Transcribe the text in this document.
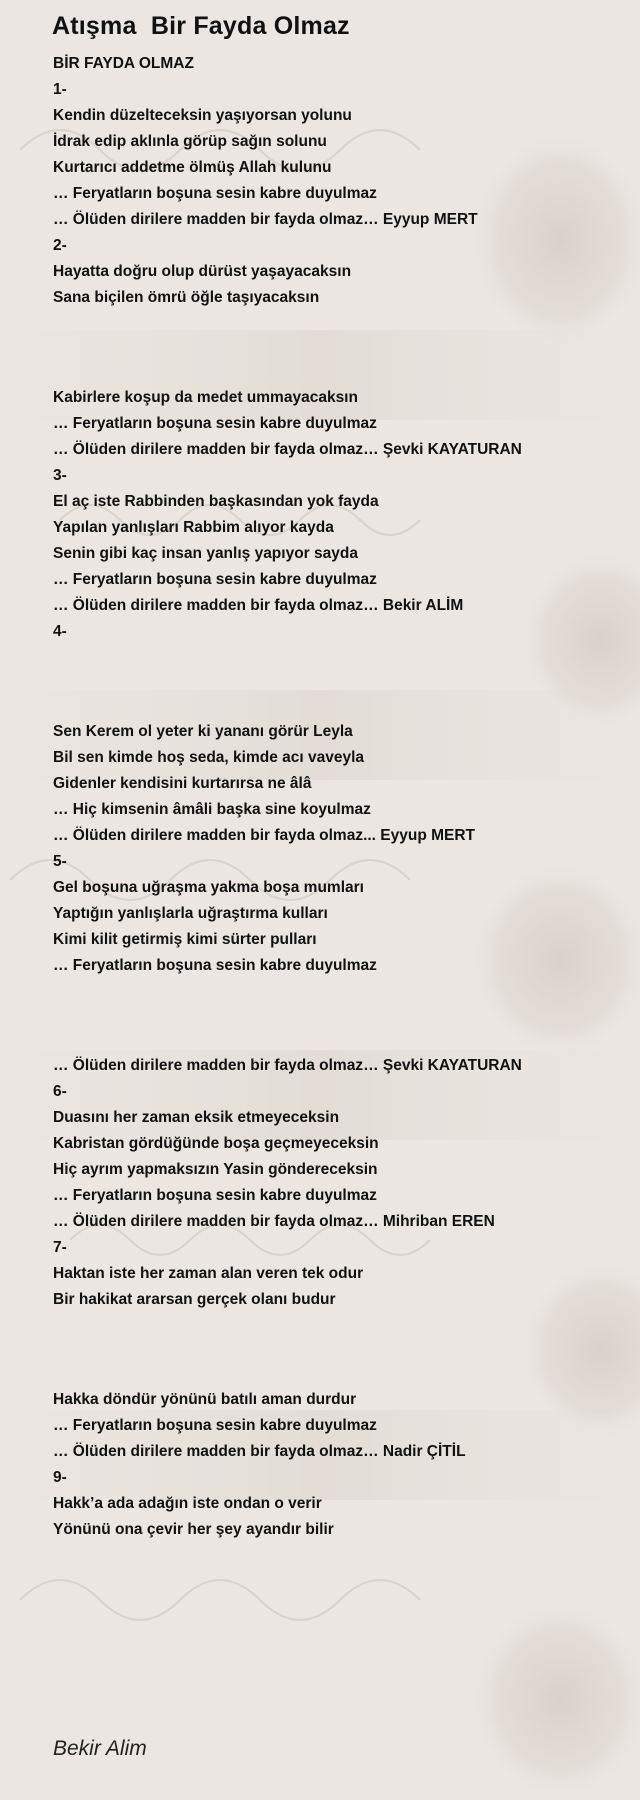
Atışma  Bir Fayda Olmaz
BİR FAYDA OLMAZ
1-
Kendin düzelteceksin yaşıyorsan yolunu
İdrak edip aklınla görüp sağın solunu
Kurtarıcı addetme ölmüş Allah kulunu
… Feryatların boşuna sesin kabre duyulmaz
… Ölüden dirilere madden bir fayda olmaz… Eyyup MERT
2-
Hayatta doğru olup dürüst yaşayacaksın
Sana biçilen ömrü öğle taşıyacaksın
Kabirlere koşup da medet ummayacaksın
… Feryatların boşuna sesin kabre duyulmaz
… Ölüden dirilere madden bir fayda olmaz… Şevki KAYATURAN
3-
El aç iste Rabbinden başkasından yok fayda
Yapılan yanlışları Rabbim alıyor kayda
Senin gibi kaç insan yanlış yapıyor sayda
… Feryatların boşuna sesin kabre duyulmaz
… Ölüden dirilere madden bir fayda olmaz… Bekir ALİM
4-
Sen Kerem ol yeter ki yananı görür Leyla
Bil sen kimde hoş seda, kimde acı vaveyla
Gidenler kendisini kurtarırsa ne âlâ
… Hiç kimsenin âmâli başka sine koyulmaz
… Ölüden dirilere madden bir fayda olmaz... Eyyup MERT
5-
Gel boşuna uğraşma yakma boşa mumları
Yaptığın yanlışlarla uğraştırma kulları
Kimi kilit getirmiş kimi sürter pulları
… Feryatların boşuna sesin kabre duyulmaz
… Ölüden dirilere madden bir fayda olmaz… Şevki KAYATURAN
6-
Duasını her zaman eksik etmeyeceksin
Kabristan gördüğünde boşa geçmeyeceksin
Hiç ayrım yapmaksızın Yasin göndereceksin
… Feryatların boşuna sesin kabre duyulmaz
… Ölüden dirilere madden bir fayda olmaz… Mihriban EREN
7-
Haktan iste her zaman alan veren tek odur
Bir hakikat ararsan gerçek olanı budur
Hakka döndür yönünü batılı aman durdur
… Feryatların boşuna sesin kabre duyulmaz
… Ölüden dirilere madden bir fayda olmaz… Nadir ÇİTİL
9-
Hakk’a ada adağın iste ondan o verir
Yönünü ona çevir her şey ayandır bilir
Bekir Alim
